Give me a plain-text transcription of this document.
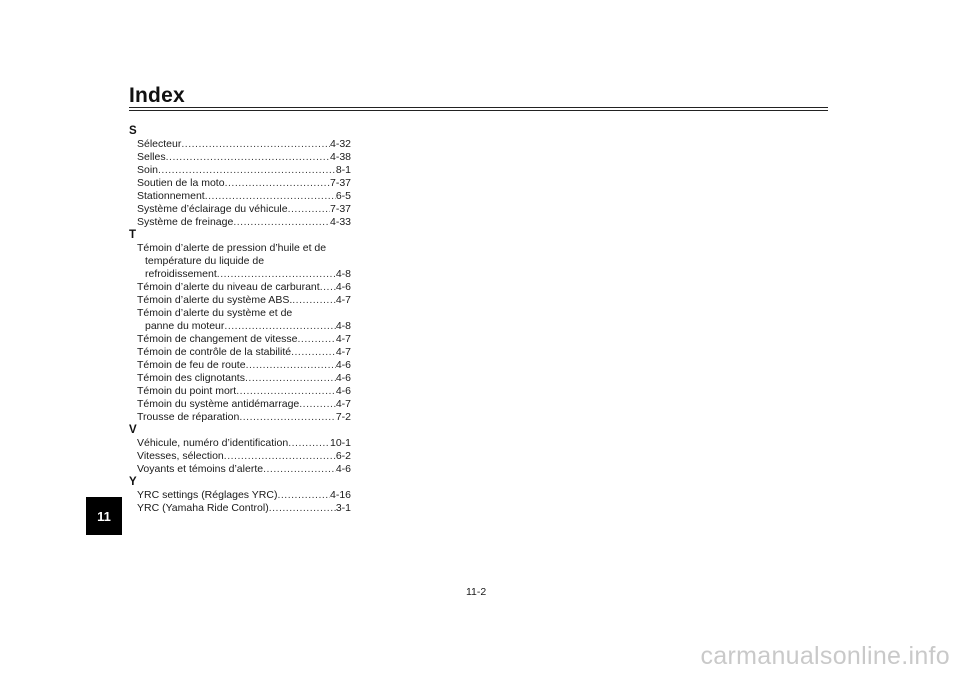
Index
S
Sélecteur .....	4-32
Selles .....	4-38
Soin .....	8-1
Soutien de la moto .....	7-37
Stationnement .....	6-5
Système d’éclairage du véhicule .....	7-37
Système de freinage .....	4-33
T
Témoin d’alerte de pression d’huile et de
température du liquide de
refroidissement .....	4-8
Témoin d’alerte du niveau de carburant ..... 4-6
Témoin d’alerte du système ABS. .....	4-7
Témoin d’alerte du système et de
panne du moteur .....	4-8
Témoin de changement de vitesse .....	4-7
Témoin de contrôle de la stabilité .....	4-7
Témoin de feu de route .....	4-6
Témoin des clignotants .....	4-6
Témoin du point mort .....	4-6
Témoin du système antidémarrage .....	4-7
Trousse de réparation .....	7-2
V
Véhicule, numéro d’identification .....	10-1
Vitesses, sélection .....	6-2
Voyants et témoins d’alerte .....	4-6
Y
YRC settings (Réglages YRC) .....	4-16
YRC (Yamaha Ride Control) .....	3-1
11
11-2
carmanualsonline.info
